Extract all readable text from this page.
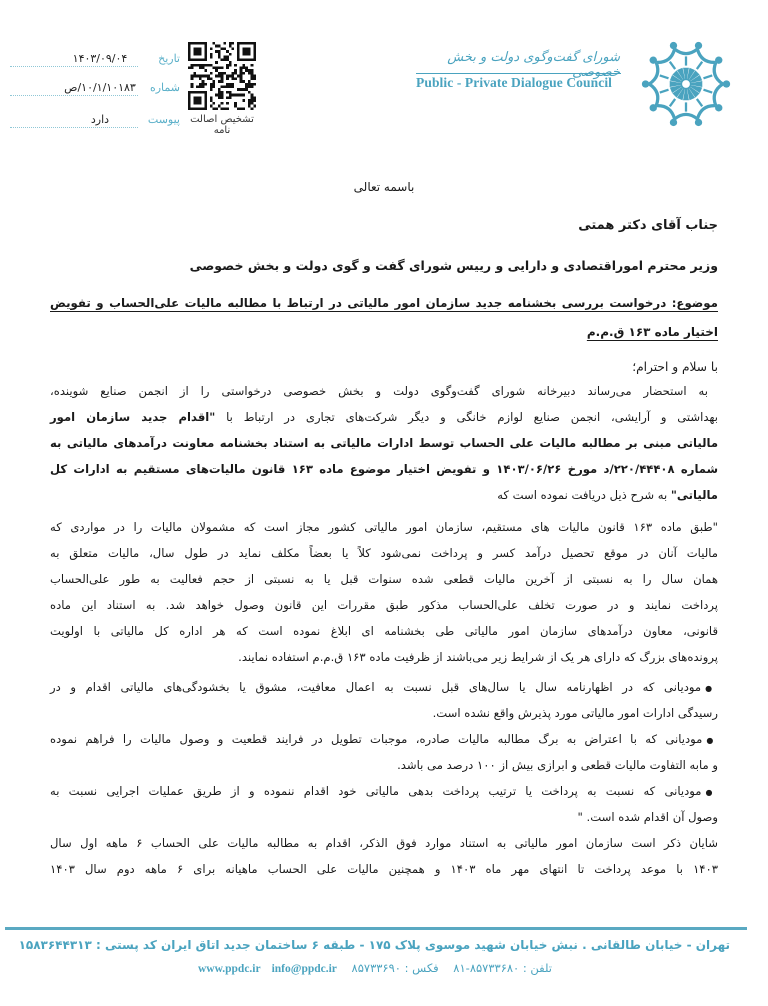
تاریخ
۱۴۰۳/۰۹/۰۴
شماره
۱۰/۱/۱۰۱۸۳/ص
پیوست
دارد	تشخیص اصالت نامه
شورای گفت‌وگوی دولت و بخش خصوصی
Public - Private Dialogue Council
باسمه تعالی
جناب آقای دکتر همتی
وزیر محترم اموراقتصادی و دارایی و رییس شورای گفت و گوی دولت و بخش خصوصی
موضوع: درخواست بررسی بخشنامه جدید سازمان امور مالیاتی در ارتباط با مطالبه مالیات علی‌الحساب و تفویض
اختیار ماده ۱۶۳ ق.م.م
با سلام و احترام؛
به استحضار می‌رساند دبیرخانه شورای گفت‌وگوی دولت و بخش خصوصی درخواستی را از انجمن صنایع شوینده،
بهداشتی و آرایشی، انجمن صنایع لوازم خانگی و دیگر شرکت‌های تجاری در ارتباط با "اقدام جدید سازمان امور
مالیاتی مبنی بر مطالبه مالیات علی الحساب توسط ادارات مالیاتی به استناد بخشنامه معاونت درآمدهای مالیاتی به
شماره ۲۲۰/۴۴۴۰۸/د مورخ ۱۴۰۳/۰۶/۲۶ و تفویض اختیار موضوع ماده ۱۶۳ قانون مالیات‌های مستقیم به ادارات کل
مالیاتی" به شرح ذیل دریافت نموده است که
"طبق ماده ۱۶۳ قانون مالیات های مستقیم، سازمان امور مالیاتی کشور مجاز است که مشمولان مالیات را در مواردی که
مالیات آنان در موقع تحصیل درآمد کسر و پرداخت نمی‌شود کلاً یا بعضاً مکلف نماید در طول سال، مالیات متعلق به
همان سال را به نسبتی از آخرین مالیات قطعی شده سنوات قبل یا به نسبتی از حجم فعالیت به طور علی‌الحساب
پرداخت نمایند و در صورت تخلف علی‌الحساب مذکور طبق مقررات این قانون وصول خواهد شد. به استناد این ماده
قانونی، معاون درآمدهای سازمان امور مالیاتی طی بخشنامه ای ابلاغ نموده است که هر اداره کل مالیاتی با اولویت
پرونده‌های بزرگ که دارای هر یک از شرایط زیر می‌باشند از ظرفیت ماده ۱۶۳ ق.م.م استفاده نمایند.
● مودیانی که در اظهارنامه سال یا سال‌های قبل نسبت به اعمال معافیت، مشوق یا بخشودگی‌های مالیاتی اقدام و در
رسیدگی ادارات امور مالیاتی مورد پذیرش واقع نشده است.
● مودیانی که با اعتراض به برگ مطالبه مالیات صادره، موجبات تطویل در فرایند قطعیت و وصول مالیات را فراهم نموده
و مابه التفاوت مالیات قطعی و ابرازی بیش از ۱۰۰ درصد می باشد.
● مودیانی که نسبت به پرداخت یا ترتیب پرداخت بدهی مالیاتی خود اقدام ننموده و از طریق عملیات اجرایی نسبت به
وصول آن اقدام شده است. "
شایان ذکر است سازمان امور مالیاتی به استناد موارد فوق الذکر، اقدام به مطالبه مالیات علی الحساب ۶ ماهه اول سال
۱۴۰۳ با موعد پرداخت تا انتهای مهر ماه ۱۴۰۳ و همچنین مالیات علی الحساب ماهیانه برای ۶ ماهه دوم سال ۱۴۰۳
تهران - خیابان طالقانی . نبش خیابان شهید موسوی پلاک ۱۷۵ - طبقه ۶ ساختمان جدید اتاق ایران کد پستی : ۱۵۸۳۶۴۴۳۱۳
www.ppdc.ir info@ppdc.ir	فکس : ۸۵۷۳۳۶۹۰	تلفن : ۸۵۷۳۳۶۸۰-۸۱
